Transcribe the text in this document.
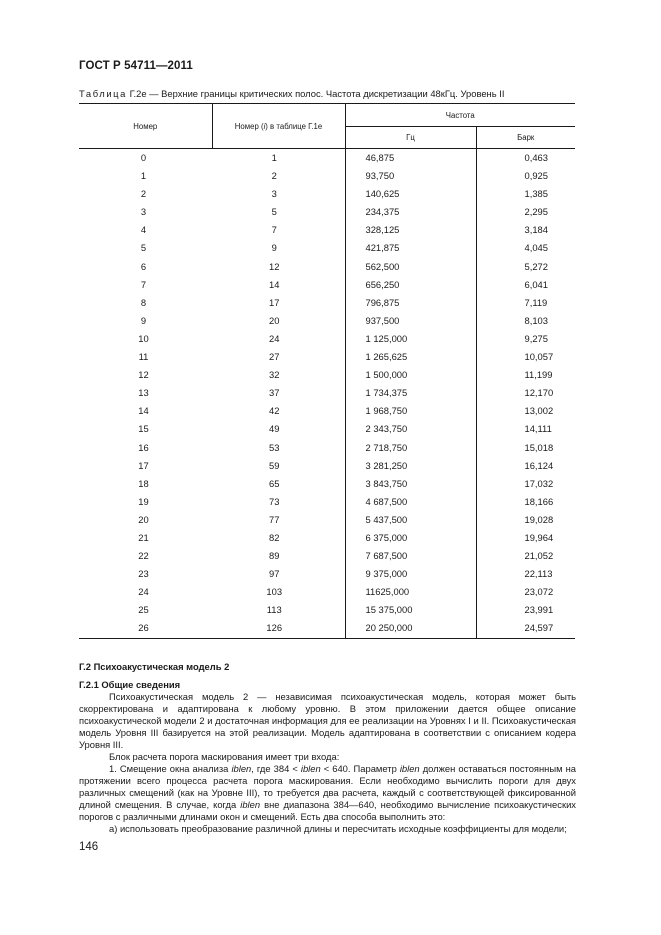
ГОСТ Р 54711—2011
Таблица Г.2е — Верхние границы критических полос. Частота дискретизации 48кГц. Уровень II
Номер	Номер (i) в таблице Г.1е	Частота	
		Гц	Барк
0	1	46,875	0,463
1	2	93,750	0,925
2	3	140,625	1,385
3	5	234,375	2,295
4	7	328,125	3,184
5	9	421,875	4,045
6	12	562,500	5,272
7	14	656,250	6,041
8	17	796,875	7,119
9	20	937,500	8,103
10	24	1 125,000	9,275
11	27	1 265,625	10,057
12	32	1 500,000	11,199
13	37	1 734,375	12,170
14	42	1 968,750	13,002
15	49	2 343,750	14,111
16	53	2 718,750	15,018
17	59	3 281,250	16,124
18	65	3 843,750	17,032
19	73	4 687,500	18,166
20	77	5 437,500	19,028
21	82	6 375,000	19,964
22	89	7 687,500	21,052
23	97	9 375,000	22,113
24	103	11625,000	23,072
25	113	15 375,000	23,991
26	126	20 250,000	24,597
Г.2 Психоакустическая модель 2
Г.2.1 Общие сведения

Психоакустическая модель 2 — независимая психоакустическая модель, которая может быть скорректирована и адаптирована к любому уровню. В этом приложении дается общее описание психоакустической модели 2 и достаточная информация для ее реализации на Уровнях I и II. Психоакустическая модель Уровня III базируется на этой реализации. Модель адаптирована в соответствии с описанием кодера Уровня III.

Блок расчета порога маскирования имеет три входа:

1. Смещение окна анализа iblen, где 384 < iblen < 640. Параметр iblen должен оставаться постоянным на протяжении всего процесса расчета порога маскирования. Если необходимо вычислить пороги для двух различных смещений (как на Уровне III), то требуется два расчета, каждый с соответствующей фиксированной длиной смещения. В случае, когда iblen вне диапазона 384—640, необходимо вычисление психоакустических порогов с различными длинами окон и смещений. Есть два способа выполнить это:

а) использовать преобразование различной длины и пересчитать исходные коэффициенты для модели;

146
